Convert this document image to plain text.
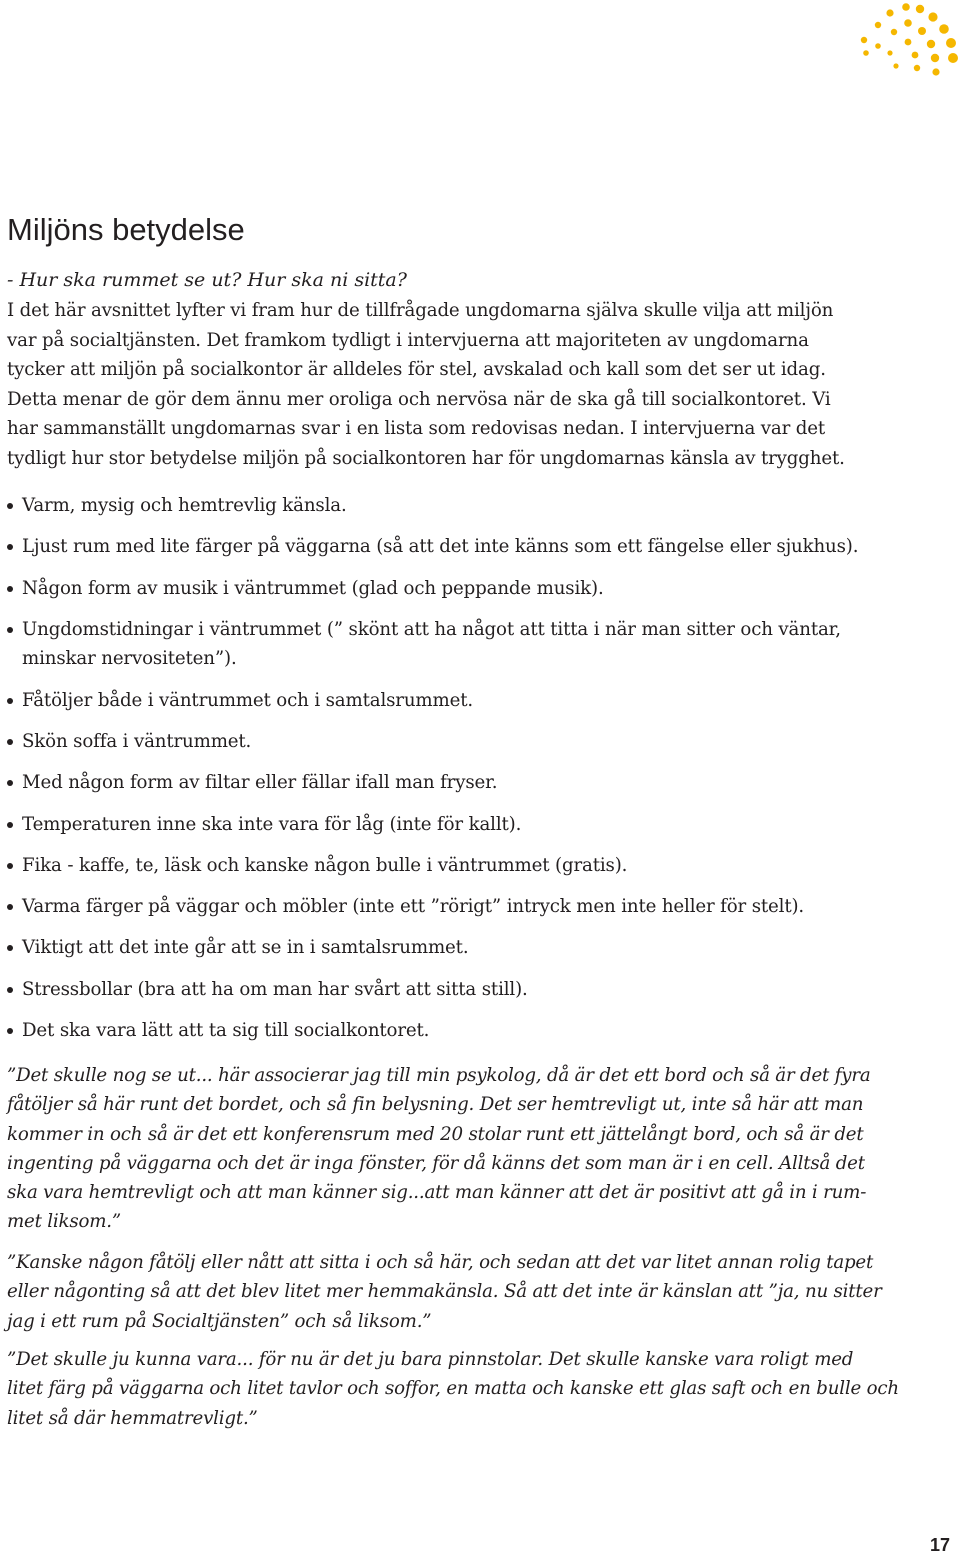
Miljöns betydelse

- Hur ska rummet se ut? Hur ska ni sitta?

I det här avsnittet lyfter vi fram hur de tillfrågade ungdomarna själva skulle vilja att miljön
var på socialtjänsten. Det framkom tydligt i intervjuerna att majoriteten av ungdomarna
tycker att miljön på socialkontor är alldeles för stel, avskalad och kall som det ser ut idag.
Detta menar de gör dem ännu mer oroliga och nervösa när de ska gå till socialkontoret. Vi
har sammanställt ungdomarnas svar i en lista som redovisas nedan. I intervjuerna var det
tydligt hur stor betydelse miljön på socialkontoren har för ungdomarnas känsla av trygghet.

Varm, mysig och hemtrevlig känsla.
Ljust rum med lite färger på väggarna (så att det inte känns som ett fängelse eller sjukhus).
Någon form av musik i väntrummet (glad och peppande musik).
Ungdomstidningar i väntrummet (” skönt att ha något att titta i när man sitter och väntar,
minskar nervositeten”).
Fåtöljer både i väntrummet och i samtalsrummet.
Skön soffa i väntrummet.
Med någon form av filtar eller fällar ifall man fryser.
Temperaturen inne ska inte vara för låg (inte för kallt).
Fika - kaffe, te, läsk och kanske någon bulle i väntrummet (gratis).
Varma färger på väggar och möbler (inte ett ”rörigt” intryck men inte heller för stelt).
Viktigt att det inte går att se in i samtalsrummet.
Stressbollar (bra att ha om man har svårt att sitta still).
Det ska vara lätt att ta sig till socialkontoret.

”Det skulle nog se ut... här associerar jag till min psykolog, då är det ett bord och så är det fyra
fåtöljer så här runt det bordet, och så fin belysning. Det ser hemtrevligt ut, inte så här att man
kommer in och så är det ett konferensrum med 20 stolar runt ett jättelångt bord, och så är det
ingenting på väggarna och det är inga fönster, för då känns det som man är i en cell. Alltså det
ska vara hemtrevligt och att man känner sig...att man känner att det är positivt att gå in i rum-
met liksom.”

”Kanske någon fåtölj eller nått att sitta i och så här, och sedan att det var litet annan rolig tapet
eller någonting så att det blev litet mer hemmakänsla. Så att det inte är känslan att ”ja, nu sitter
jag i ett rum på Socialtjänsten” och så liksom.”

”Det skulle ju kunna vara... för nu är det ju bara pinnstolar. Det skulle kanske vara roligt med
litet färg på väggarna och litet tavlor och soffor, en matta och kanske ett glas saft och en bulle och
litet så där hemmatrevligt.”

17
